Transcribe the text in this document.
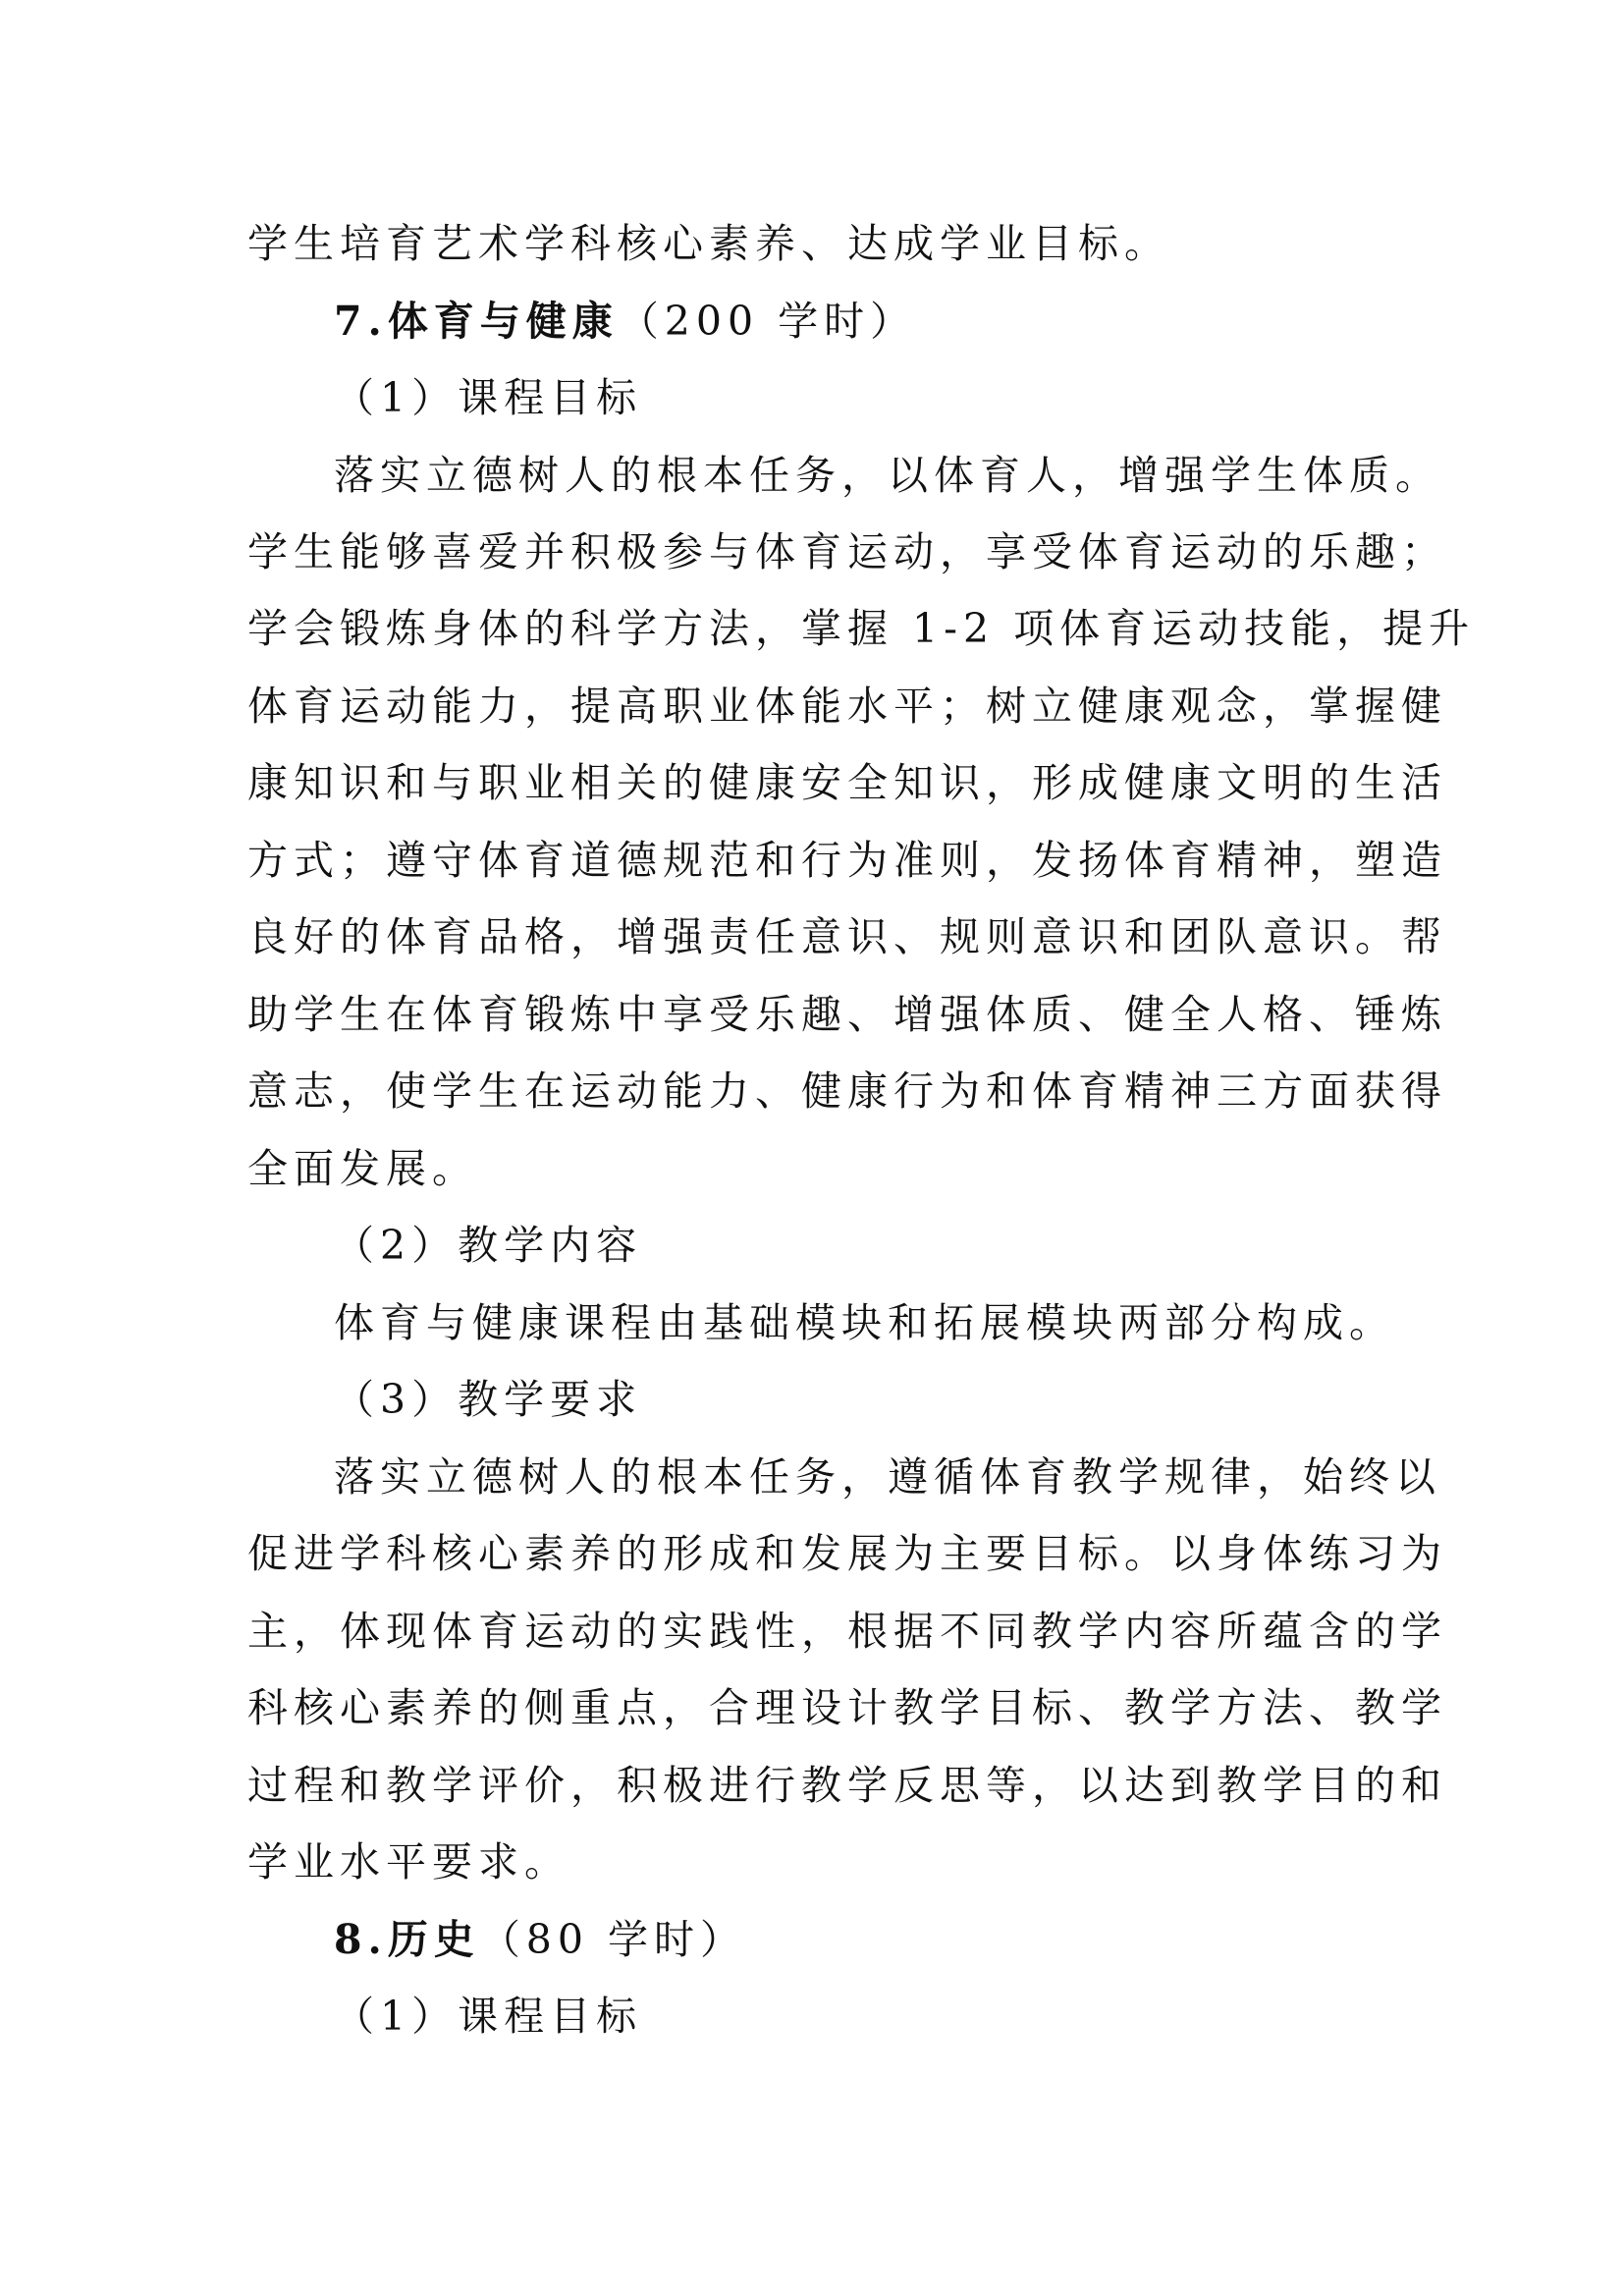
学生培育艺术学科核心素养、达成学业目标。
7.体育与健康（200 学时）
（1）课程目标
落实立德树人的根本任务，以体育人，增强学生体质。
学生能够喜爱并积极参与体育运动，享受体育运动的乐趣；
学会锻炼身体的科学方法，掌握 1-2 项体育运动技能，提升
体育运动能力，提高职业体能水平；树立健康观念，掌握健
康知识和与职业相关的健康安全知识，形成健康文明的生活
方式；遵守体育道德规范和行为准则，发扬体育精神，塑造
良好的体育品格，增强责任意识、规则意识和团队意识。帮
助学生在体育锻炼中享受乐趣、增强体质、健全人格、锤炼
意志，使学生在运动能力、健康行为和体育精神三方面获得
全面发展。
（2）教学内容
体育与健康课程由基础模块和拓展模块两部分构成。
（3）教学要求
落实立德树人的根本任务，遵循体育教学规律，始终以
促进学科核心素养的形成和发展为主要目标。以身体练习为
主，体现体育运动的实践性，根据不同教学内容所蕴含的学
科核心素养的侧重点，合理设计教学目标、教学方法、教学
过程和教学评价，积极进行教学反思等，以达到教学目的和
学业水平要求。
8.历史（80 学时）
（1）课程目标
